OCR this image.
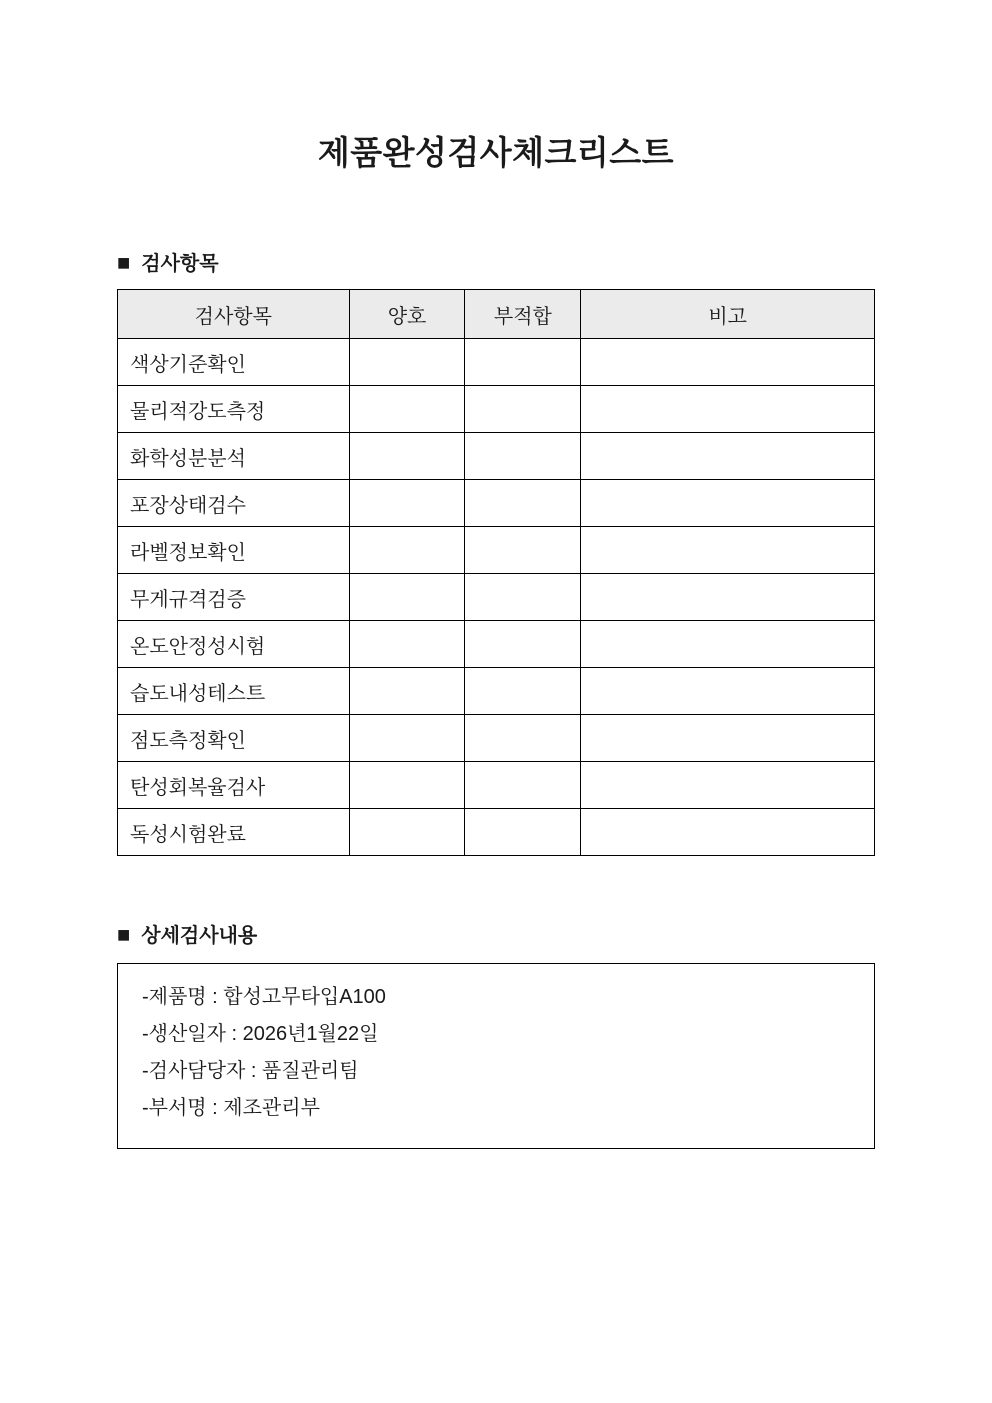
제품완성검사체크리스트
■ 검사항목
검사항목	양호	부적합	비고
색상기준확인			
물리적강도측정			
화학성분분석			
포장상태검수			
라벨정보확인			
무게규격검증			
온도안정성시험			
습도내성테스트			
점도측정확인			
탄성회복율검사			
독성시험완료			
■ 상세검사내용

-제품명 : 합성고무타입A100

-생산일자 : 2026년1월22일

-검사담당자 : 품질관리팀

-부서명 : 제조관리부
